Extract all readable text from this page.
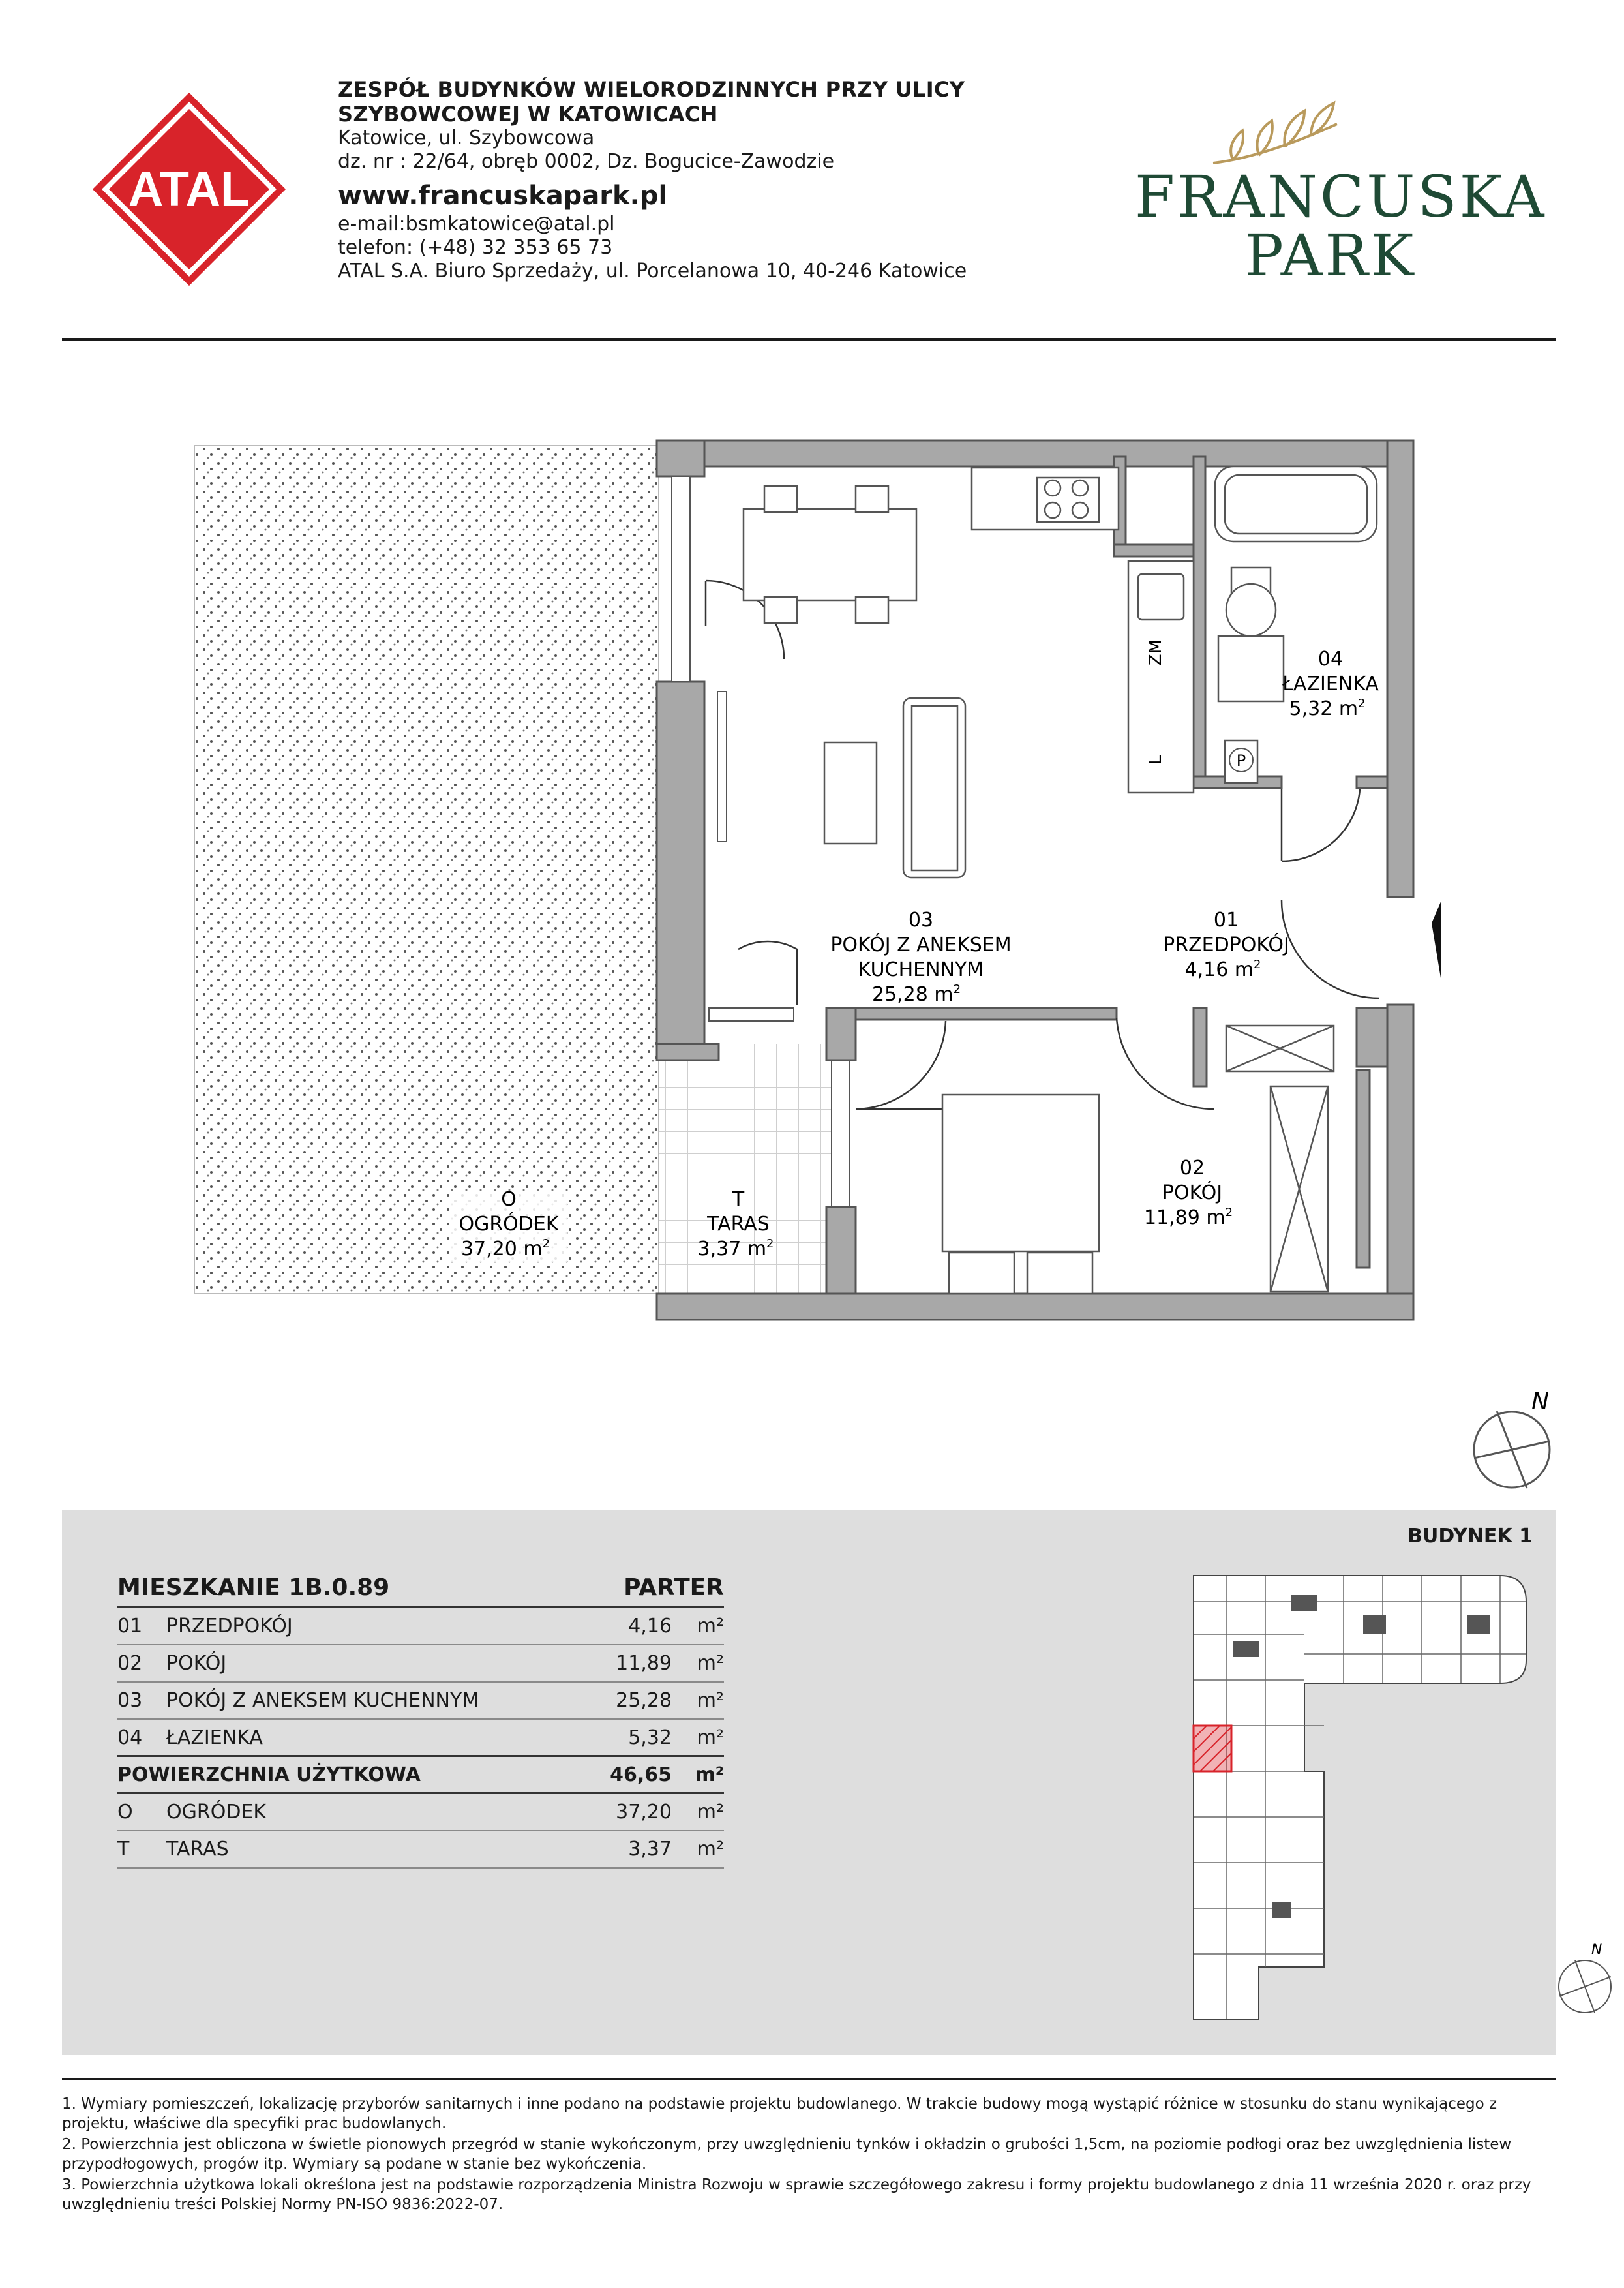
ATAL
ZESPÓŁ BUDYNKÓW WIELORODZINNYCH PRZY ULICY
SZYBOWCOWEJ W KATOWICACH
Katowice, ul. Szybowcowa
dz. nr : 22/64, obręb 0002, Dz. Bogucice-Zawodzie
www.francuskapark.pl
e-mail:bsmkatowice@atal.pl
telefon: (+48) 32 353 65 73
ATAL S.A. Biuro Sprzedaży, ul. Porcelanowa 10, 40-246 Katowice
FRANCUSKA
PARK
ZM
L	P
04
ŁAZIENKA
5,32 $m^2$
03
POKÓJ Z ANEKSEM
KUCHENNYM
25,28 $m^2$
01
PRZEDPOKÓJ
4,16 $m^2$
02
POKÓJ
11,89 $m^2$
T
TARAS
3,37 $m^2$
O
OGRÓDEK
37,20 $m^2$
N
BUDYNEK 1
MIESZKANIE 1B.0.89	PARTER
01	PRZEDPOKÓJ	4,16	m²
02	POKÓJ	11,89	m²
03	POKÓJ Z ANEKSEM KUCHENNYM	25,28	m²
04	ŁAZIENKA	5,32	m²
POWIERZCHNIA UŻYTKOWA	46,65	m²
O	OGRÓDEK	37,20	m²
T	TARAS	3,37	m²
N

1. Wymiary pomieszczeń, lokalizację przyborów sanitarnych i inne podano na podstawie projektu budowlanego. W trakcie budowy mogą wystąpić różnice w stosunku do stanu wynikającego z projektu, właściwe dla specyfiki prac budowlanych.

2. Powierzchnia jest obliczona w świetle pionowych przegród w stanie wykończonym, przy uwzględnieniu tynków i okładzin o grubości 1,5cm, na poziomie podłogi oraz bez uwzględnienia listew przypodłogowych, progów itp. Wymiary są podane w stanie bez wykończenia.

3. Powierzchnia użytkowa lokali określona jest na podstawie rozporządzenia Ministra Rozwoju w sprawie szczegółowego zakresu i formy projektu budowlanego z dnia 11 września 2020 r. oraz przy uwzględnieniu treści Polskiej Normy PN-ISO 9836:2022-07.
